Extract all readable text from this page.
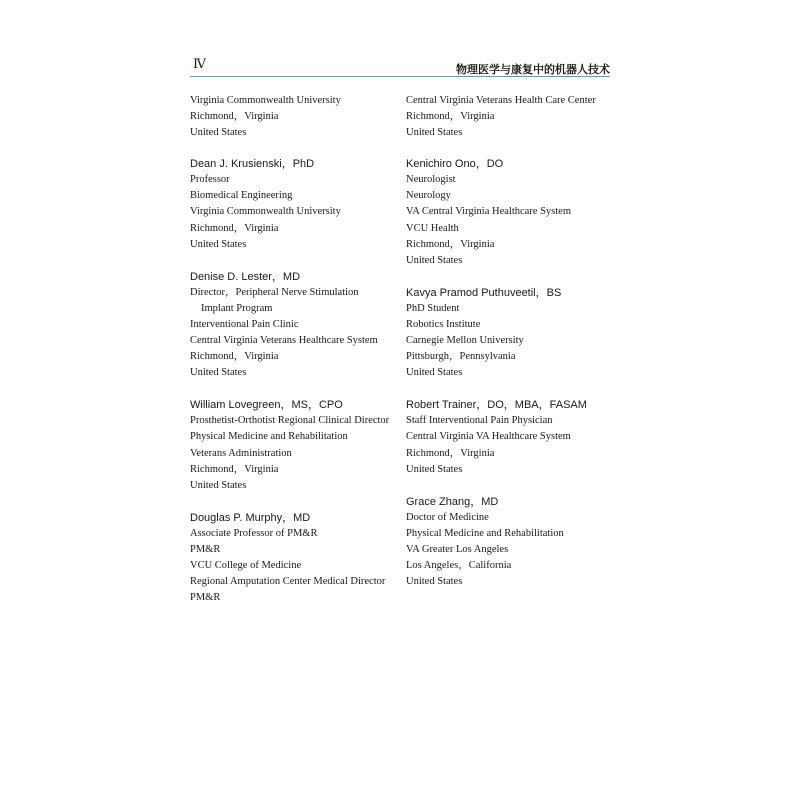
Ⅳ	物理医学与康复中的机器人技术
Virginia Commonwealth University
Richmond，Virginia
United States
Dean J. Krusienski，PhD
Professor
Biomedical Engineering
Virginia Commonwealth University
Richmond，Virginia
United States
Denise D. Lester，MD
Director，Peripheral Nerve Stimulation
Implant Program
Interventional Pain Clinic
Central Virginia Veterans Healthcare System
Richmond，Virginia
United States
William Lovegreen，MS，CPO
Prosthetist-Orthotist Regional Clinical Director
Physical Medicine and Rehabilitation
Veterans Administration
Richmond，Virginia
United States
Douglas P. Murphy，MD
Associate Professor of PM&R
PM&R
VCU College of Medicine
Regional Amputation Center Medical Director
PM&R
Central Virginia Veterans Health Care Center
Richmond，Virginia
United States
Kenichiro Ono，DO
Neurologist
Neurology
VA Central Virginia Healthcare System
VCU Health
Richmond，Virginia
United States
Kavya Pramod Puthuveetil，BS
PhD Student
Robotics Institute
Carnegie Mellon University
Pittsburgh，Pennsylvania
United States
Robert Trainer，DO，MBA，FASAM
Staff Interventional Pain Physician
Central Virginia VA Healthcare System
Richmond，Virginia
United States
Grace Zhang，MD
Doctor of Medicine
Physical Medicine and Rehabilitation
VA Greater Los Angeles
Los Angeles，California
United States
